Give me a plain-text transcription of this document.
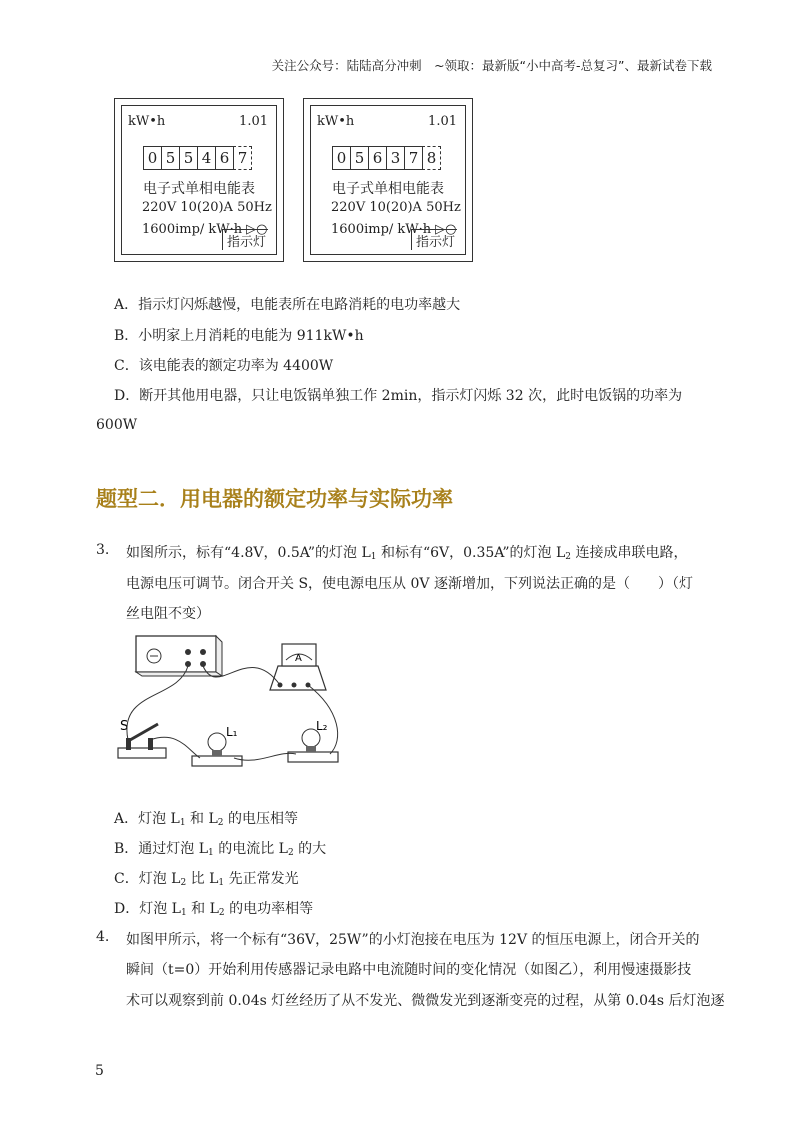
关注公众号：陆陆高分冲刺　~领取：最新版“小中高考-总复习”、最新试卷下载
kW•h	1.01
0 5 5 4 6 7
电子式单相电能表
220V 10(20)A 50Hz
1600imp/ kW·h ▷○
指示灯
kW•h	1.01
0 5 6 3 7 8
电子式单相电能表
220V 10(20)A 50Hz
1600imp/ kW·h ▷○
指示灯
A．指示灯闪烁越慢，电能表所在电路消耗的电功率越大
B．小明家上月消耗的电能为 911kW•h
C．该电能表的额定功率为 4400W
D．断开其他用电器，只让电饭锅单独工作 2min，指示灯闪烁 32 次，此时电饭锅的功率为
600W
题型二．用电器的额定功率与实际功率
3. 如图所示，标有“4.8V，0.5A”的灯泡 $L_1$ 和标有“6V，0.35A”的灯泡 $L_2$ 连接成串联电路，
电源电压可调节。闭合开关 S，使电源电压从 0V 逐渐增加，下列说法正确的是（　　）（灯
丝电阻不变）
A
S	L₁	L₂
A．灯泡 $L_1$ 和 $L_2$ 的电压相等
B．通过灯泡 $L_1$ 的电流比 $L_2$ 的大
C．灯泡 $L_2$ 比 $L_1$ 先正常发光
D．灯泡 $L_1$ 和 $L_2$ 的电功率相等
4. 如图甲所示，将一个标有“36V，25W”的小灯泡接在电压为 12V 的恒压电源上，闭合开关的
瞬间（t=0）开始利用传感器记录电路中电流随时间的变化情况（如图乙），利用慢速摄影技
术可以观察到前 0.04s 灯丝经历了从不发光、微微发光到逐渐变亮的过程，从第 0.04s 后灯泡逐
5
